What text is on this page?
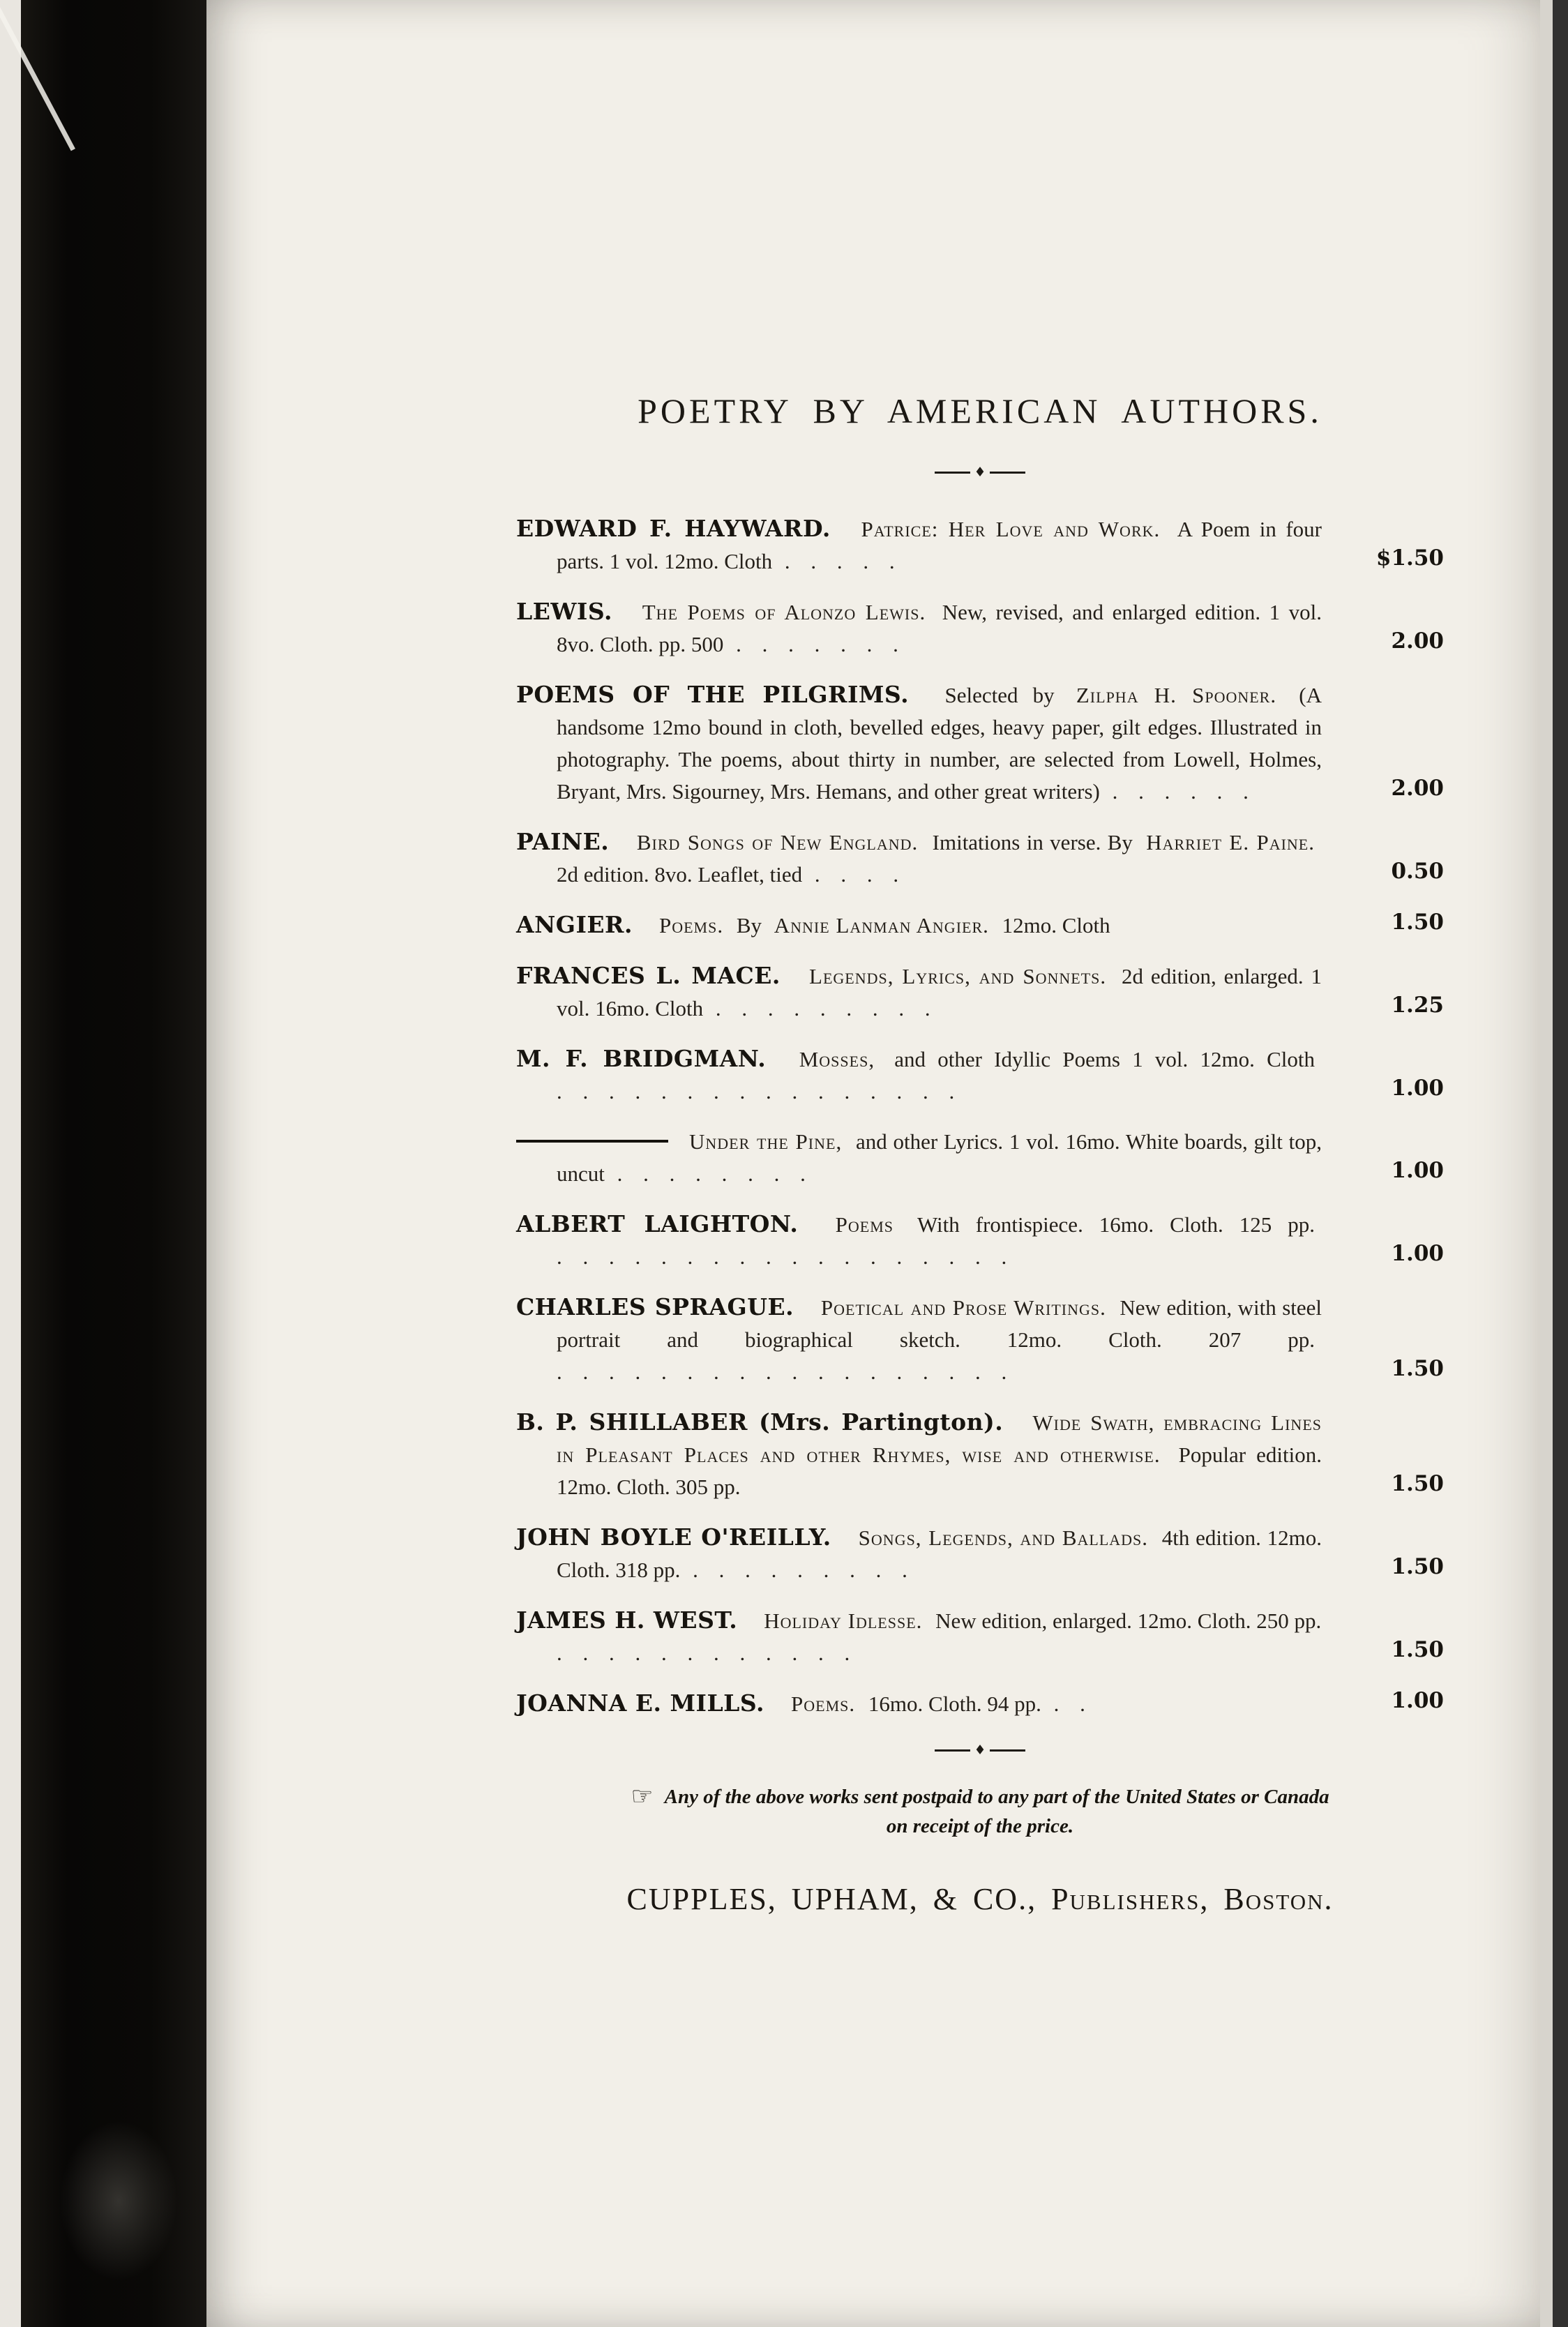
POETRY BY AMERICAN AUTHORS.
♦
EDWARD F. HAYWARD. Patrice: Her Love and Work. A Poem in four parts. 1 vol. 12mo. Cloth . . . . .	$1.50
LEWIS. The Poems of Alonzo Lewis. New, revised, and enlarged edition. 1 vol. 8vo. Cloth. pp. 500 . . . . . . .	2.00
POEMS OF THE PILGRIMS. Selected by Zilpha H. Spooner. (A handsome 12mo bound in cloth, bevelled edges, heavy paper, gilt edges. Illustrated in photography. The poems, about thirty in number, are selected from Lowell, Holmes, Bryant, Mrs. Sigourney, Mrs. Hemans, and other great writers) . . . . . .	2.00
PAINE. Bird Songs of New England. Imitations in verse. By Harriet E. Paine. 2d edition. 8vo. Leaflet, tied . . . .	0.50
ANGIER. Poems. By Annie Lanman Angier. 12mo. Cloth	1.50
FRANCES L. MACE. Legends, Lyrics, and Sonnets. 2d edition, enlarged. 1 vol. 16mo. Cloth . . . . . . . . .	1.25
M. F. BRIDGMAN. Mosses, and other Idyllic Poems 1 vol. 12mo. Cloth . . . . . . . . . . . . . . . .	1.00
Under the Pine, and other Lyrics. 1 vol. 16mo. White boards, gilt top, uncut . . . . . . . .	1.00
ALBERT LAIGHTON. Poems With frontispiece. 16mo. Cloth. 125 pp. . . . . . . . . . . . . . . . . . .	1.00
CHARLES SPRAGUE. Poetical and Prose Writings. New edition, with steel portrait and biographical sketch. 12mo. Cloth. 207 pp. . . . . . . . . . . . . . . . . . .	1.50
B. P. SHILLABER (Mrs. Partington). Wide Swath, embracing Lines in Pleasant Places and other Rhymes, wise and otherwise. Popular edition. 12mo. Cloth. 305 pp.	1.50
JOHN BOYLE O'REILLY. Songs, Legends, and Ballads. 4th edition. 12mo. Cloth. 318 pp. . . . . . . . . .	1.50
JAMES H. WEST. Holiday Idlesse. New edition, enlarged. 12mo. Cloth. 250 pp. . . . . . . . . . . . .	1.50
JOANNA E. MILLS. Poems. 16mo. Cloth. 94 pp. . .	1.00
♦
☞ Any of the above works sent postpaid to any part of the United States or Canada
on receipt of the price.
CUPPLES, UPHAM, & CO., Publishers, Boston.
